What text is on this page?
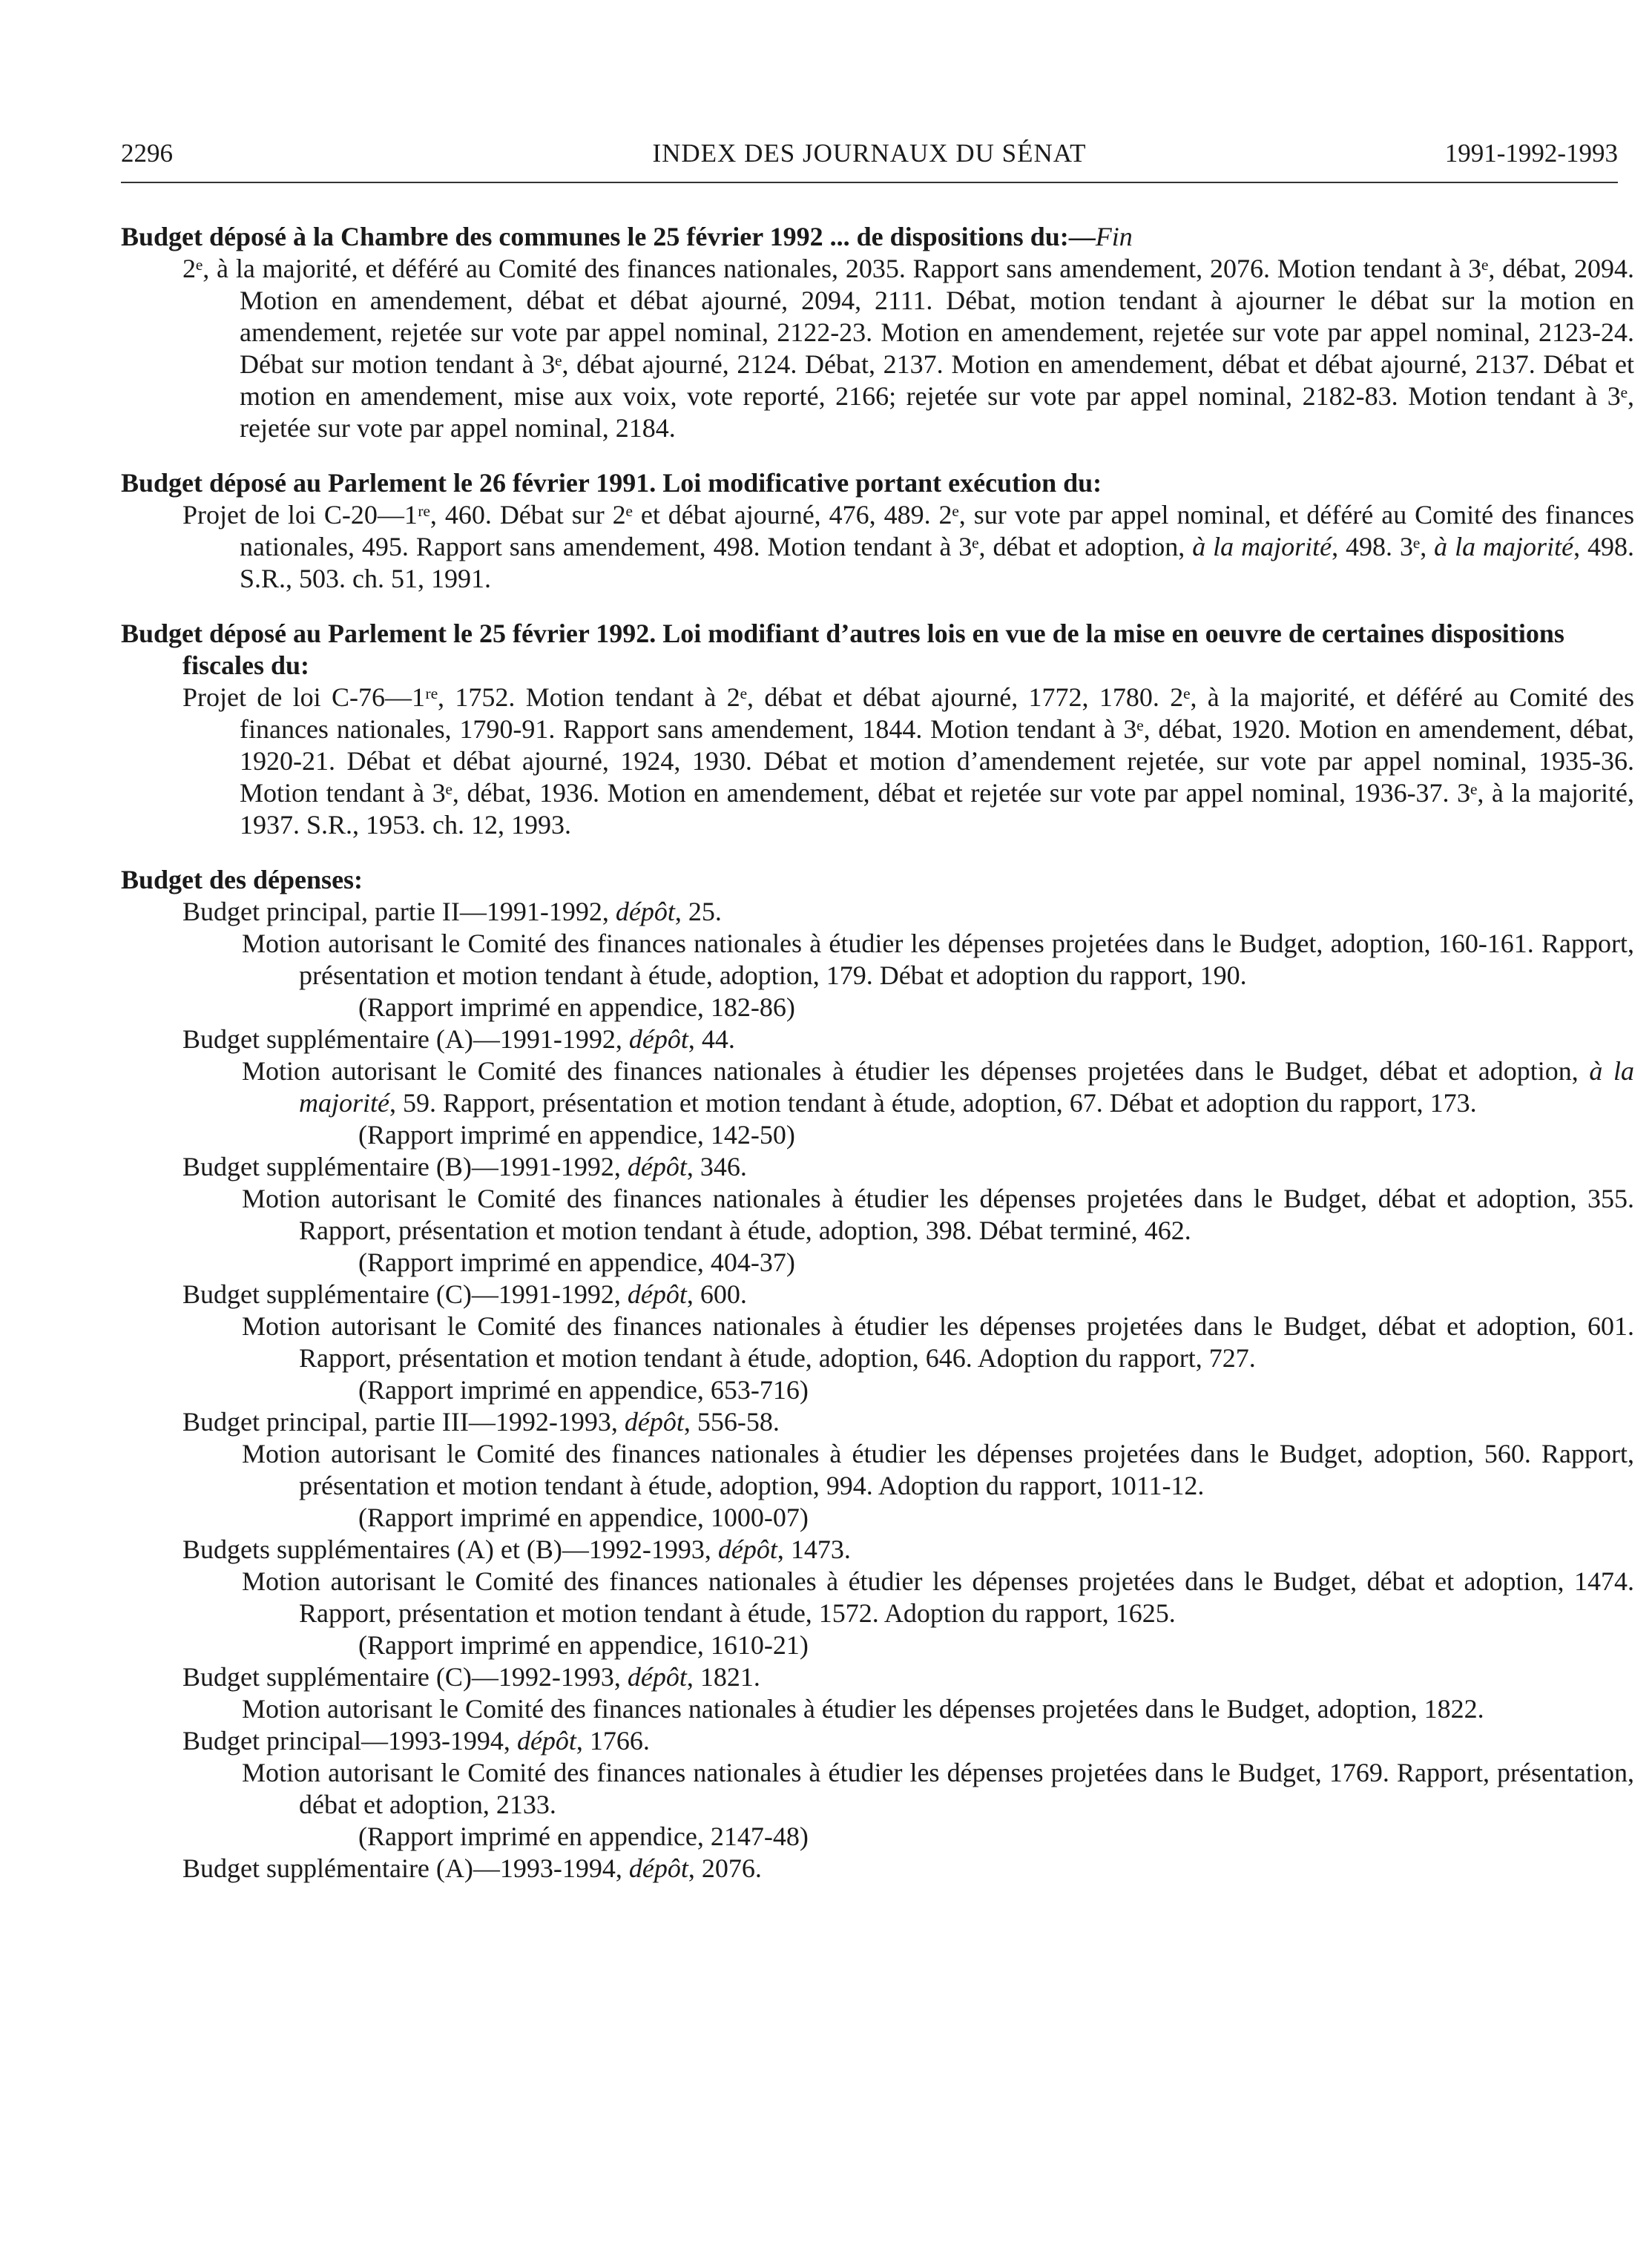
2296	INDEX DES JOURNAUX DU SÉNAT	1991-1992-1993
Budget déposé à la Chambre des communes le 25 février 1992 ... de dispositions du:—Fin
2ᵉ, à la majorité, et déféré au Comité des finances nationales, 2035. Rapport sans amendement, 2076. Motion tendant à 3ᵉ, débat, 2094. Motion en amendement, débat et débat ajourné, 2094, 2111. Débat, motion tendant à ajourner le débat sur la motion en amendement, rejetée sur vote par appel nominal, 2122-23. Motion en amendement, rejetée sur vote par appel nominal, 2123-24. Débat sur motion tendant à 3ᵉ, débat ajourné, 2124. Débat, 2137. Motion en amendement, débat et débat ajourné, 2137. Débat et motion en amendement, mise aux voix, vote reporté, 2166; rejetée sur vote par appel nominal, 2182-83. Motion tendant à 3ᵉ, rejetée sur vote par appel nominal, 2184.
Budget déposé au Parlement le 26 février 1991. Loi modificative portant exécution du:
Projet de loi C-20—1ʳᵉ, 460. Débat sur 2ᵉ et débat ajourné, 476, 489. 2ᵉ, sur vote par appel nominal, et déféré au Comité des finances nationales, 495. Rapport sans amendement, 498. Motion tendant à 3ᵉ, débat et adoption, à la majorité, 498. 3ᵉ, à la majorité, 498. S.R., 503. ch. 51, 1991.
Budget déposé au Parlement le 25 février 1992. Loi modifiant d’autres lois en vue de la mise en oeuvre de certaines dispositions fiscales du:
Projet de loi C-76—1ʳᵉ, 1752. Motion tendant à 2ᵉ, débat et débat ajourné, 1772, 1780. 2ᵉ, à la majorité, et déféré au Comité des finances nationales, 1790-91. Rapport sans amendement, 1844. Motion tendant à 3ᵉ, débat, 1920. Motion en amendement, débat, 1920-21. Débat et débat ajourné, 1924, 1930. Débat et motion d’amendement rejetée, sur vote par appel nominal, 1935-36. Motion tendant à 3ᵉ, débat, 1936. Motion en amendement, débat et rejetée sur vote par appel nominal, 1936-37. 3ᵉ, à la majorité, 1937. S.R., 1953. ch. 12, 1993.
Budget des dépenses:
Budget principal, partie II—1991-1992, dépôt, 25.
Motion autorisant le Comité des finances nationales à étudier les dépenses projetées dans le Budget, adoption, 160-161. Rapport, présentation et motion tendant à étude, adoption, 179. Débat et adoption du rapport, 190.
(Rapport imprimé en appendice, 182-86)
Budget supplémentaire (A)—1991-1992, dépôt, 44.
Motion autorisant le Comité des finances nationales à étudier les dépenses projetées dans le Budget, débat et adoption, à la majorité, 59. Rapport, présentation et motion tendant à étude, adoption, 67. Débat et adoption du rapport, 173.
(Rapport imprimé en appendice, 142-50)
Budget supplémentaire (B)—1991-1992, dépôt, 346.
Motion autorisant le Comité des finances nationales à étudier les dépenses projetées dans le Budget, débat et adoption, 355. Rapport, présentation et motion tendant à étude, adoption, 398. Débat terminé, 462.
(Rapport imprimé en appendice, 404-37)
Budget supplémentaire (C)—1991-1992, dépôt, 600.
Motion autorisant le Comité des finances nationales à étudier les dépenses projetées dans le Budget, débat et adoption, 601. Rapport, présentation et motion tendant à étude, adoption, 646. Adoption du rapport, 727.
(Rapport imprimé en appendice, 653-716)
Budget principal, partie III—1992-1993, dépôt, 556-58.
Motion autorisant le Comité des finances nationales à étudier les dépenses projetées dans le Budget, adoption, 560. Rapport, présentation et motion tendant à étude, adoption, 994. Adoption du rapport, 1011-12.
(Rapport imprimé en appendice, 1000-07)
Budgets supplémentaires (A) et (B)—1992-1993, dépôt, 1473.
Motion autorisant le Comité des finances nationales à étudier les dépenses projetées dans le Budget, débat et adoption, 1474. Rapport, présentation et motion tendant à étude, 1572. Adoption du rapport, 1625.
(Rapport imprimé en appendice, 1610-21)
Budget supplémentaire (C)—1992-1993, dépôt, 1821.
Motion autorisant le Comité des finances nationales à étudier les dépenses projetées dans le Budget, adoption, 1822.
Budget principal—1993-1994, dépôt, 1766.
Motion autorisant le Comité des finances nationales à étudier les dépenses projetées dans le Budget, 1769. Rapport, présentation, débat et adoption, 2133.
(Rapport imprimé en appendice, 2147-48)
Budget supplémentaire (A)—1993-1994, dépôt, 2076.
